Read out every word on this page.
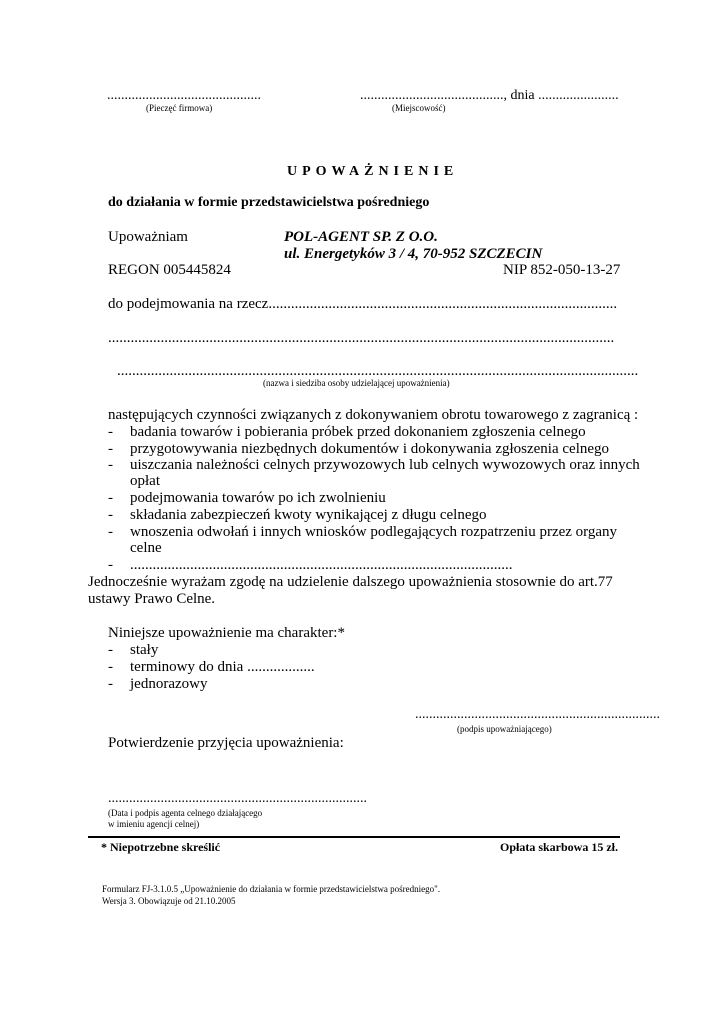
............................................
(Pieczęć firmowa)
........................................., dnia .......................
(Miejscowość)
UPOWAŻNIENIE
do działania w formie przedstawicielstwa pośredniego
Upoważniam	POL-AGENT SP. Z O.O.
ul. Energetyków 3 / 4, 70-952 SZCZECIN
REGON 005445824	NIP 852-050-13-27
do podejmowania na rzecz.............................................................................................
.......................................................................................................................................
...........................................................................................................................................
(nazwa i siedziba osoby udzielającej upoważnienia)
następujących czynności związanych z dokonywaniem obrotu towarowego z zagranicą :
- badania towarów i pobierania próbek przed dokonaniem zgłoszenia celnego
- przygotowywania niezbędnych dokumentów i dokonywania zgłoszenia celnego
- uiszczania należności celnych przywozowych lub celnych wywozowych oraz innych
opłat
- podejmowania towarów po ich zwolnieniu
- składania zabezpieczeń kwoty wynikającej z długu celnego
- wnoszenia odwołań i innych wniosków podlegających rozpatrzeniu przez organy
celne
- ......................................................................................................
Jednocześnie wyrażam zgodę na udzielenie dalszego upoważnienia stosownie do art.77
ustawy Prawo Celne.
Niniejsze upoważnienie ma charakter:*
- stały
- terminowy do dnia ..................
- jednorazowy
......................................................................
(podpis upoważniającego)
Potwierdzenie przyjęcia upoważnienia:
..........................................................................
(Data i podpis agenta celnego działającego
w imieniu agencji celnej)
* Niepotrzebne skreślić	Opłata skarbowa 15 zł.
Formularz FJ-3.1.0.5 „Upoważnienie do działania w formie przedstawicielstwa pośredniego".
Wersja 3. Obowiązuje od 21.10.2005
